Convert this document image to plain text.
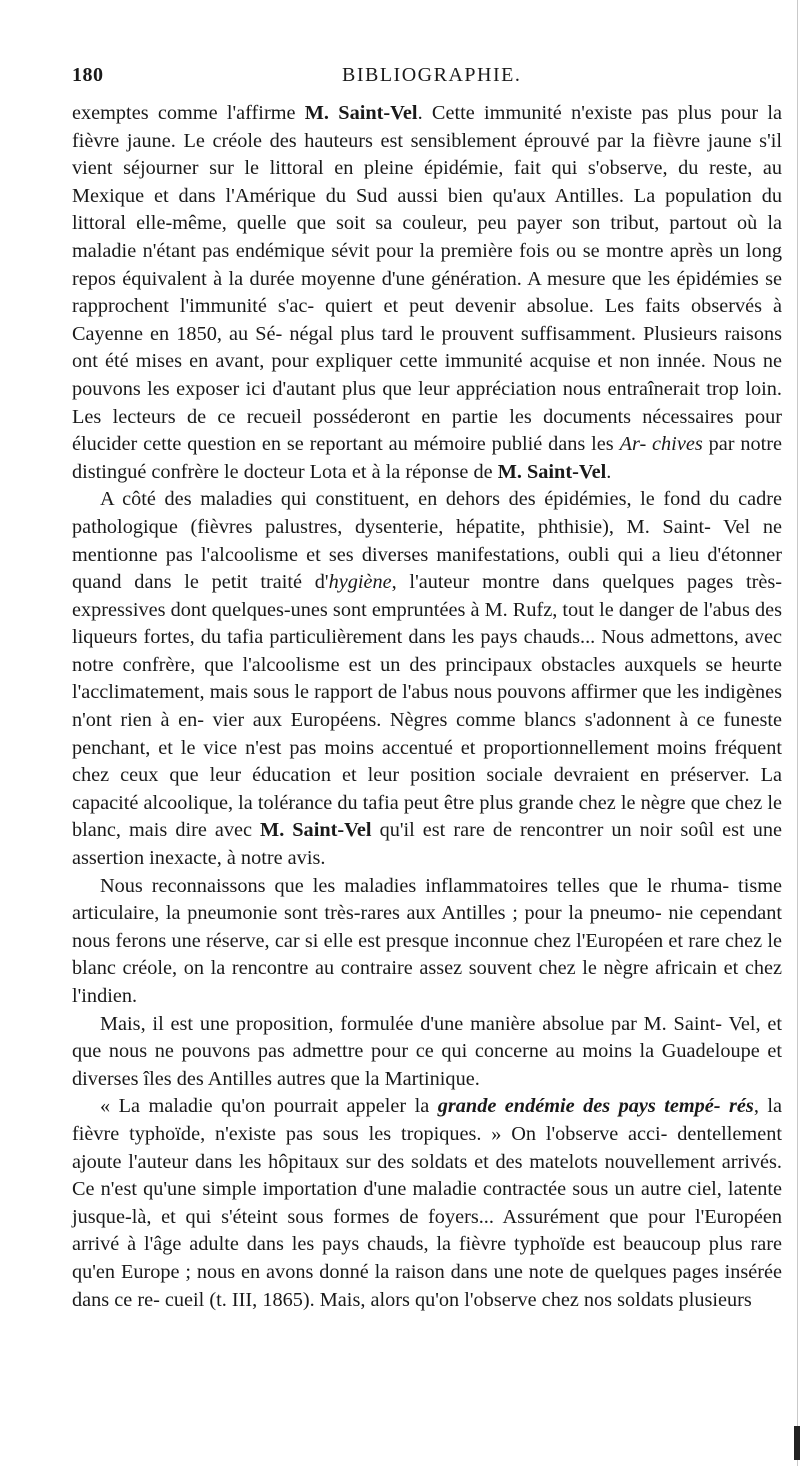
180	BIBLIOGRAPHIE.

exemptes comme l'affirme M. Saint-Vel. Cette immunité n'existe pas plus pour la fièvre jaune. Le créole des hauteurs est sensiblement éprouvé par la fièvre jaune s'il vient séjourner sur le littoral en pleine épidémie, fait qui s'observe, du reste, au Mexique et dans l'Amérique du Sud aussi bien qu'aux Antilles. La population du littoral elle-même, quelle que soit sa couleur, peu payer son tribut, partout où la maladie n'étant pas endémique sévit pour la première fois ou se montre après un long repos équivalent à la durée moyenne d'une génération. A mesure que les épidémies se rapprochent l'immunité s'ac- quiert et peut devenir absolue. Les faits observés à Cayenne en 1850, au Sé- négal plus tard le prouvent suffisamment. Plusieurs raisons ont été mises en avant, pour expliquer cette immunité acquise et non innée. Nous ne pouvons les exposer ici d'autant plus que leur appréciation nous entraînerait trop loin. Les lecteurs de ce recueil posséderont en partie les documents nécessaires pour élucider cette question en se reportant au mémoire publié dans les Ar- chives par notre distingué confrère le docteur Lota et à la réponse de M. Saint-Vel.

A côté des maladies qui constituent, en dehors des épidémies, le fond du cadre pathologique (fièvres palustres, dysenterie, hépatite, phthisie), M. Saint- Vel ne mentionne pas l'alcoolisme et ses diverses manifestations, oubli qui a lieu d'étonner quand dans le petit traité d'hygiène, l'auteur montre dans quelques pages très-expressives dont quelques-unes sont empruntées à M. Rufz, tout le danger de l'abus des liqueurs fortes, du tafia particulièrement dans les pays chauds... Nous admettons, avec notre confrère, que l'alcoolisme est un des principaux obstacles auxquels se heurte l'acclimatement, mais sous le rapport de l'abus nous pouvons affirmer que les indigènes n'ont rien à en- vier aux Européens. Nègres comme blancs s'adonnent à ce funeste penchant, et le vice n'est pas moins accentué et proportionnellement moins fréquent chez ceux que leur éducation et leur position sociale devraient en préserver. La capacité alcoolique, la tolérance du tafia peut être plus grande chez le nègre que chez le blanc, mais dire avec M. Saint-Vel qu'il est rare de rencontrer un noir soûl est une assertion inexacte, à notre avis.

Nous reconnaissons que les maladies inflammatoires telles que le rhuma- tisme articulaire, la pneumonie sont très-rares aux Antilles ; pour la pneumo- nie cependant nous ferons une réserve, car si elle est presque inconnue chez l'Européen et rare chez le blanc créole, on la rencontre au contraire assez souvent chez le nègre africain et chez l'indien.

Mais, il est une proposition, formulée d'une manière absolue par M. Saint- Vel, et que nous ne pouvons pas admettre pour ce qui concerne au moins la Guadeloupe et diverses îles des Antilles autres que la Martinique.

« La maladie qu'on pourrait appeler la grande endémie des pays tempé- rés, la fièvre typhoïde, n'existe pas sous les tropiques. » On l'observe acci- dentellement ajoute l'auteur dans les hôpitaux sur des soldats et des matelots nouvellement arrivés. Ce n'est qu'une simple importation d'une maladie contractée sous un autre ciel, latente jusque-là, et qui s'éteint sous formes de foyers... Assurément que pour l'Européen arrivé à l'âge adulte dans les pays chauds, la fièvre typhoïde est beaucoup plus rare qu'en Europe ; nous en avons donné la raison dans une note de quelques pages insérée dans ce re- cueil (t. III, 1865). Mais, alors qu'on l'observe chez nos soldats plusieurs
